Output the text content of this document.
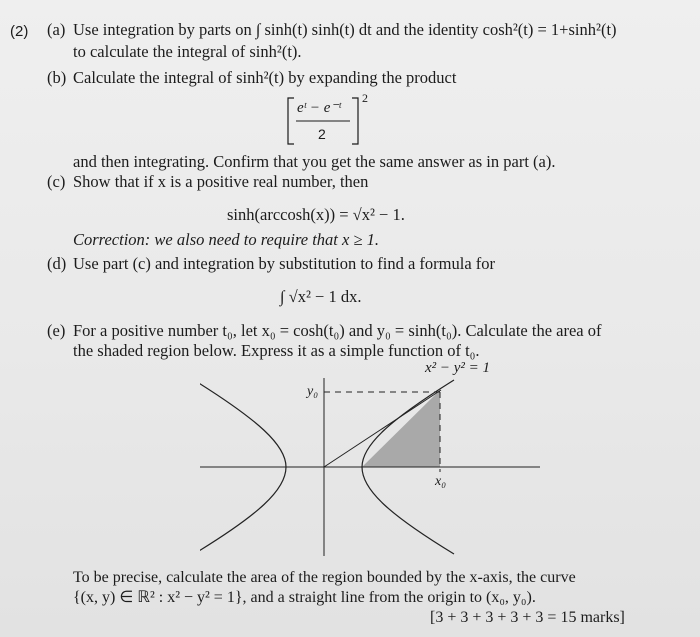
(2) (a) Use integration by parts on ∫ sinh(t) sinh(t) dt and the identity cosh²(t) = 1+sinh²(t)
to calculate the integral of sinh²(t).
(b) Calculate the integral of sinh²(t) by expanding the product
eᵗ − e⁻ᵗ
2
2
and then integrating. Confirm that you get the same answer as in part (a).
(c) Show that if x is a positive real number, then
sinh(arccosh(x)) = √x² − 1.
Correction: we also need to require that x ≥ 1.
(d) Use part (c) and integration by substitution to find a formula for
∫ √x² − 1 dx.
(e) For a positive number t₀, let x₀ = cosh(t₀) and y₀ = sinh(t₀). Calculate the area of
the shaded region below. Express it as a simple function of t₀.
x² − y² = 1
y₀
x₀
To be precise, calculate the area of the region bounded by the x-axis, the curve
{(x, y) ∈ ℝ² : x² − y² = 1}, and a straight line from the origin to (x₀, y₀).
[3 + 3 + 3 + 3 + 3 = 15 marks]
